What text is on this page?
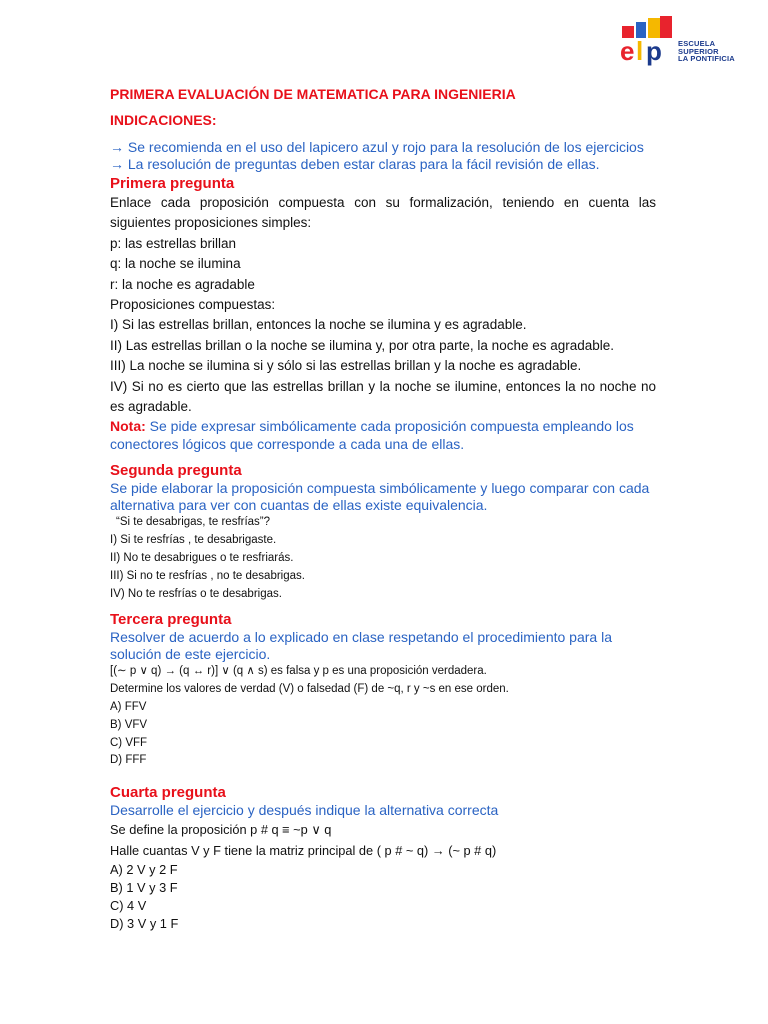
e l p ESCUELA
SUPERIOR
LA PONTIFICIA
PRIMERA EVALUACIÓN DE MATEMATICA PARA INGENIERIA
INDICACIONES:
→ Se recomienda en el uso del lapicero azul y rojo para la resolución de los ejercicios
→ La resolución de preguntas deben estar claras para la fácil revisión de ellas.
Primera pregunta
Enlace cada proposición compuesta con su formalización, teniendo en cuenta las siguientes proposiciones simples:
p: las estrellas brillan
q: la noche se ilumina
r: la noche es agradable
Proposiciones compuestas:
I) Si las estrellas brillan, entonces la noche se ilumina y es agradable.
II) Las estrellas brillan o la noche se ilumina y, por otra parte, la noche es agradable.
III) La noche se ilumina si y sólo si las estrellas brillan y la noche es agradable.
IV) Si no es cierto que las estrellas brillan y la noche se ilumine, entonces la no noche no es agradable.
Nota: Se pide expresar simbólicamente cada proposición compuesta empleando los conectores lógicos que corresponde a cada una de ellas.
Segunda pregunta
Se pide elaborar la proposición compuesta simbólicamente y luego comparar con cada alternativa para ver con cuantas de ellas existe equivalencia.
“Si te desabrigas, te resfrías”?
I) Si te resfrías , te desabrigaste.
II) No te desabrigues o te resfriarás.
III) Si no te resfrías , no te desabrigas.
IV) No te resfrías o te desabrigas.
Tercera pregunta
Resolver de acuerdo a lo explicado en clase respetando el procedimiento para la solución de este ejercicio.
[(∼ p ∨ q) → (q ↔ r)] ∨ (q ∧ s) es falsa y p es una proposición verdadera.
Determine los valores de verdad (V) o falsedad (F) de ~q, r y ~s en ese orden.
A) FFV
B) VFV
C) VFF
D) FFF
Cuarta pregunta
Desarrolle el ejercicio y después indique la alternativa correcta
Se define la proposición p # q ≡ ~p ∨ q
Halle cuantas V y F tiene la matriz principal de ( p # ~ q) → (~ p # q)
A) 2 V y 2 F
B) 1 V y 3 F
C) 4 V
D) 3 V y 1 F
